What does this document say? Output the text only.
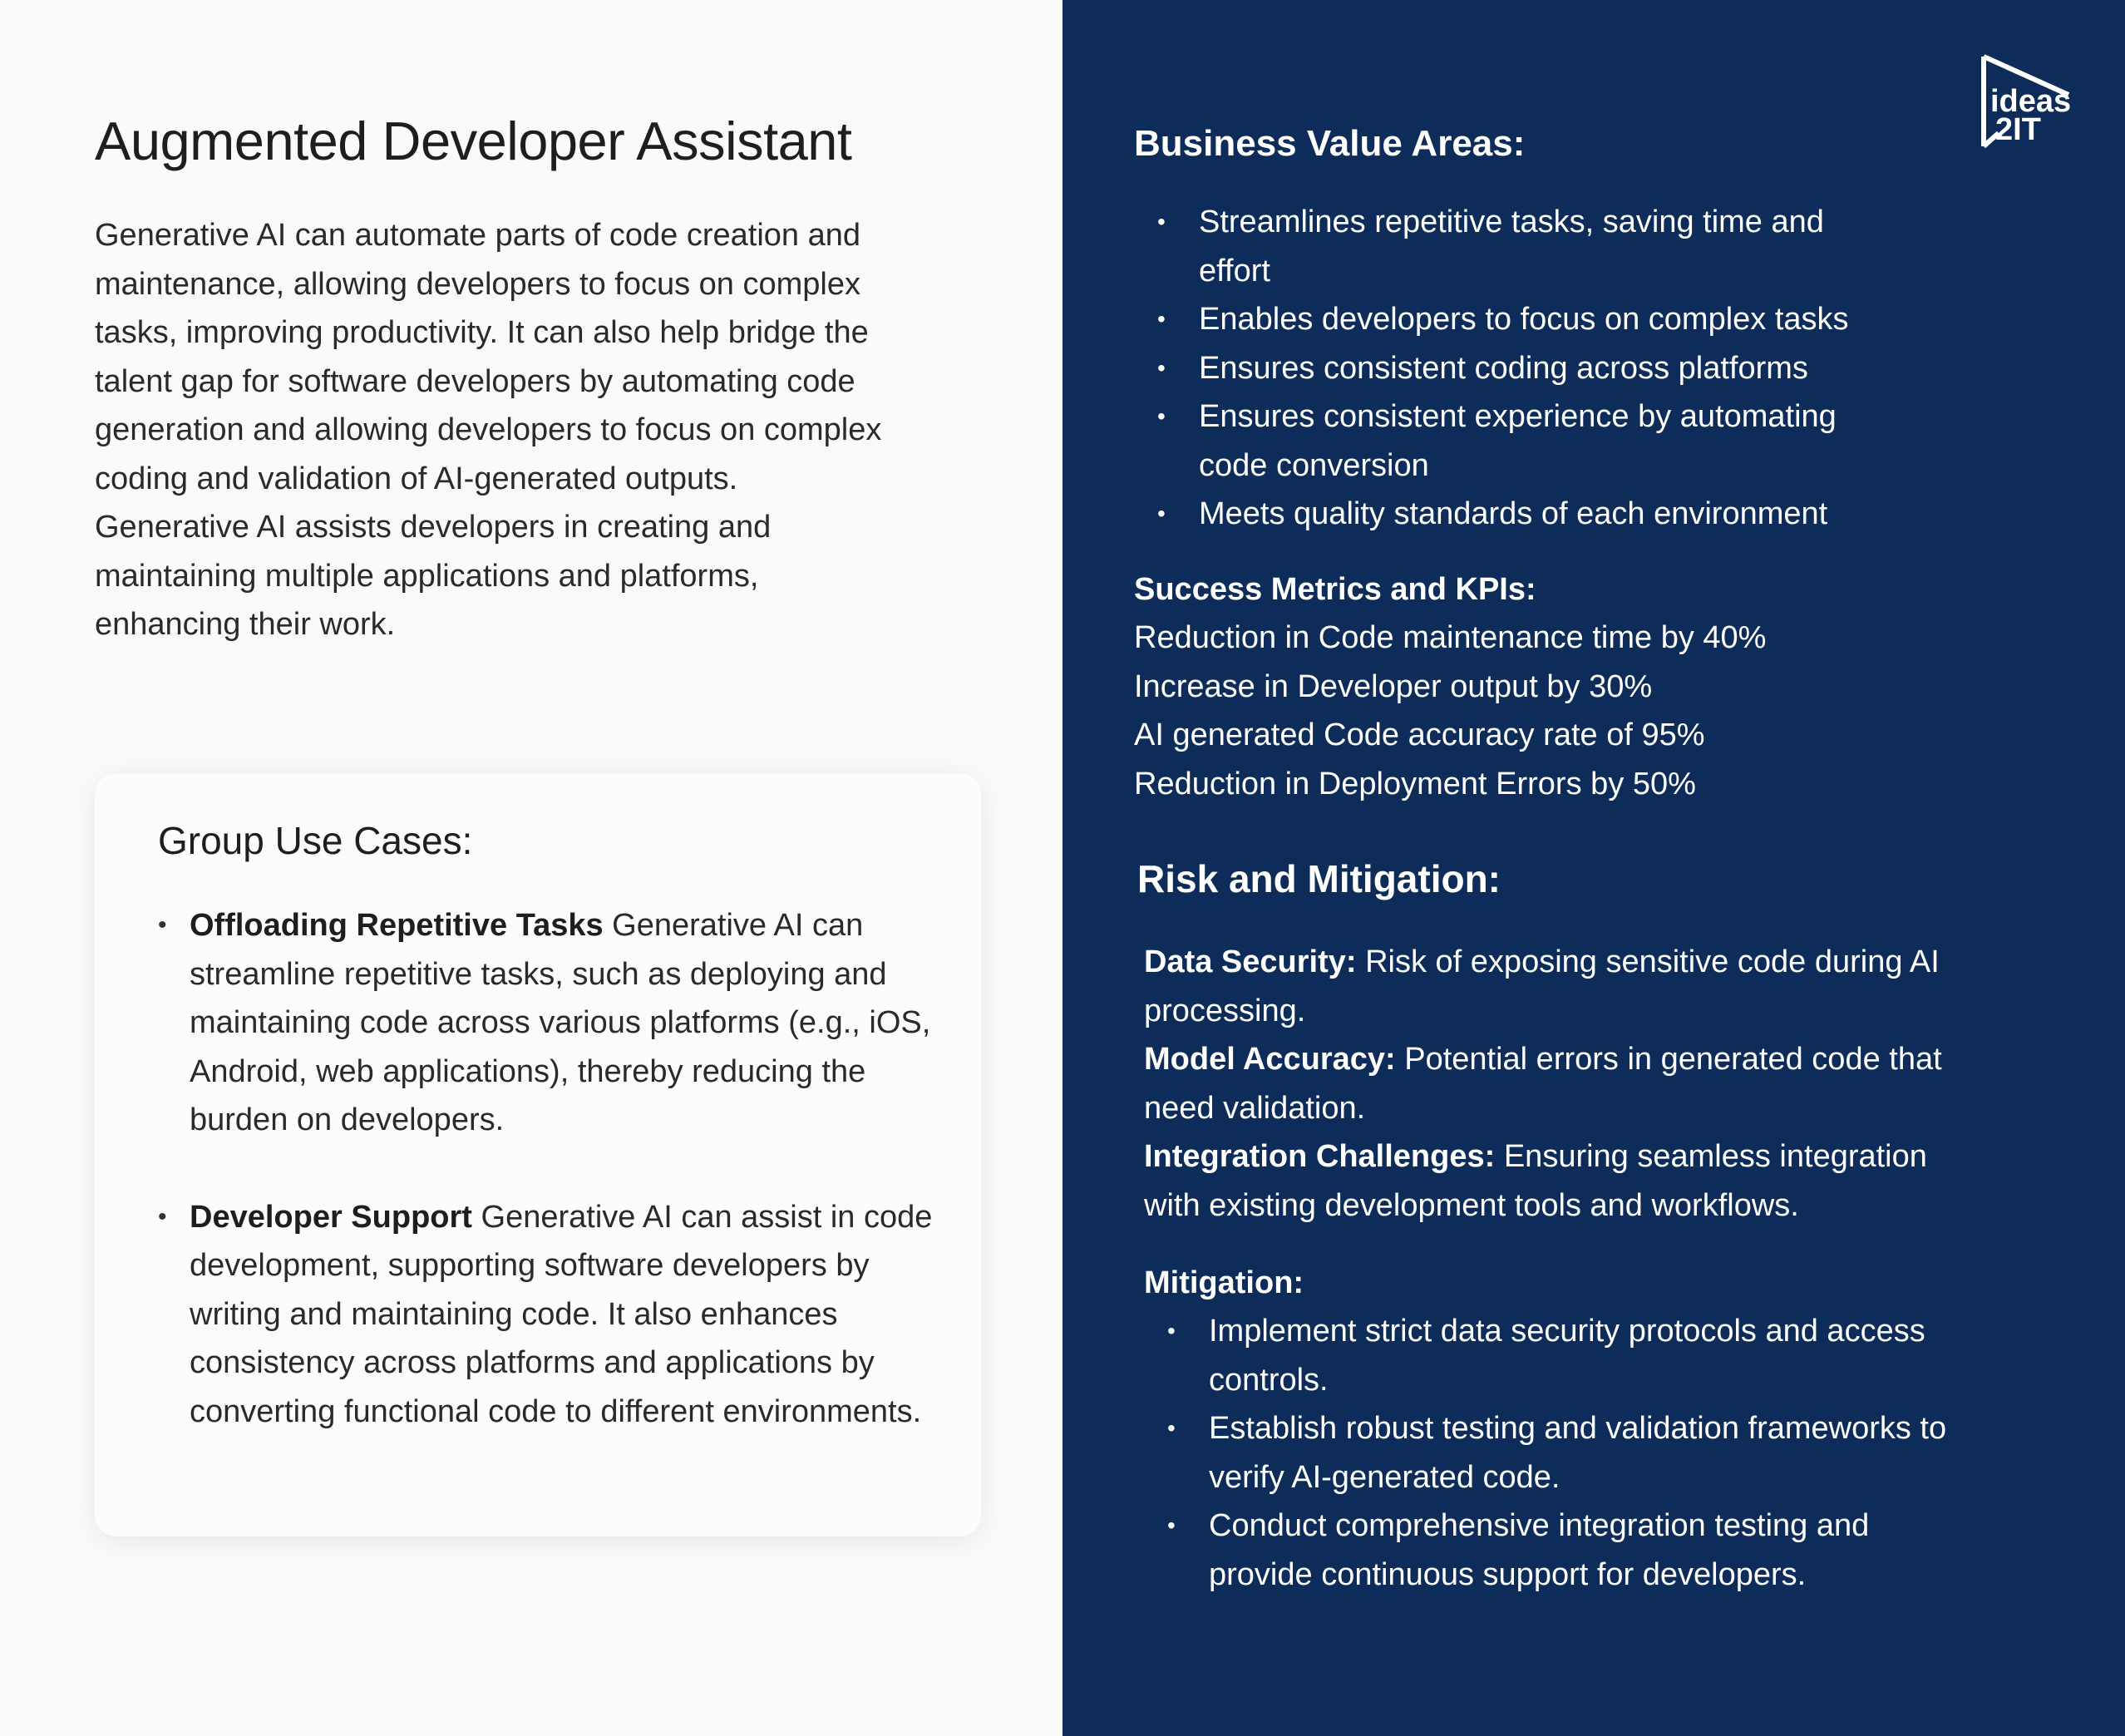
Augmented Developer Assistant

Generative AI can automate parts of code creation and maintenance, allowing developers to focus on complex tasks, improving productivity. It can also help bridge the talent gap for software developers by automating code generation and allowing developers to focus on complex coding and validation of AI-generated outputs. Generative AI assists developers in creating and maintaining multiple applications and platforms, enhancing their work.

Group Use Cases:
• Offloading Repetitive Tasks Generative AI can streamline repetitive tasks, such as deploying and maintaining code across various platforms (e.g., iOS, Android, web applications), thereby reducing the burden on developers.
• Developer Support Generative AI can assist in code development, supporting software developers by writing and maintaining code. It also enhances consistency across platforms and applications by converting functional code to different environments.
ideas
2IT
Business Value Areas:
• Streamlines repetitive tasks, saving time and effort
• Enables developers to focus on complex tasks
• Ensures consistent coding across platforms
• Ensures consistent experience by automating code conversion
• Meets quality standards of each environment
Success Metrics and KPIs:
Reduction in Code maintenance time by 40%
Increase in Developer output by 30%
AI generated Code accuracy rate of 95%
Reduction in Deployment Errors by 50%
Risk and Mitigation:
Data Security: Risk of exposing sensitive code during AI processing.
Model Accuracy: Potential errors in generated code that need validation.
Integration Challenges: Ensuring seamless integration with existing development tools and workflows.
Mitigation:
• Implement strict data security protocols and access controls.
• Establish robust testing and validation frameworks to verify AI-generated code.
• Conduct comprehensive integration testing and provide continuous support for developers.
